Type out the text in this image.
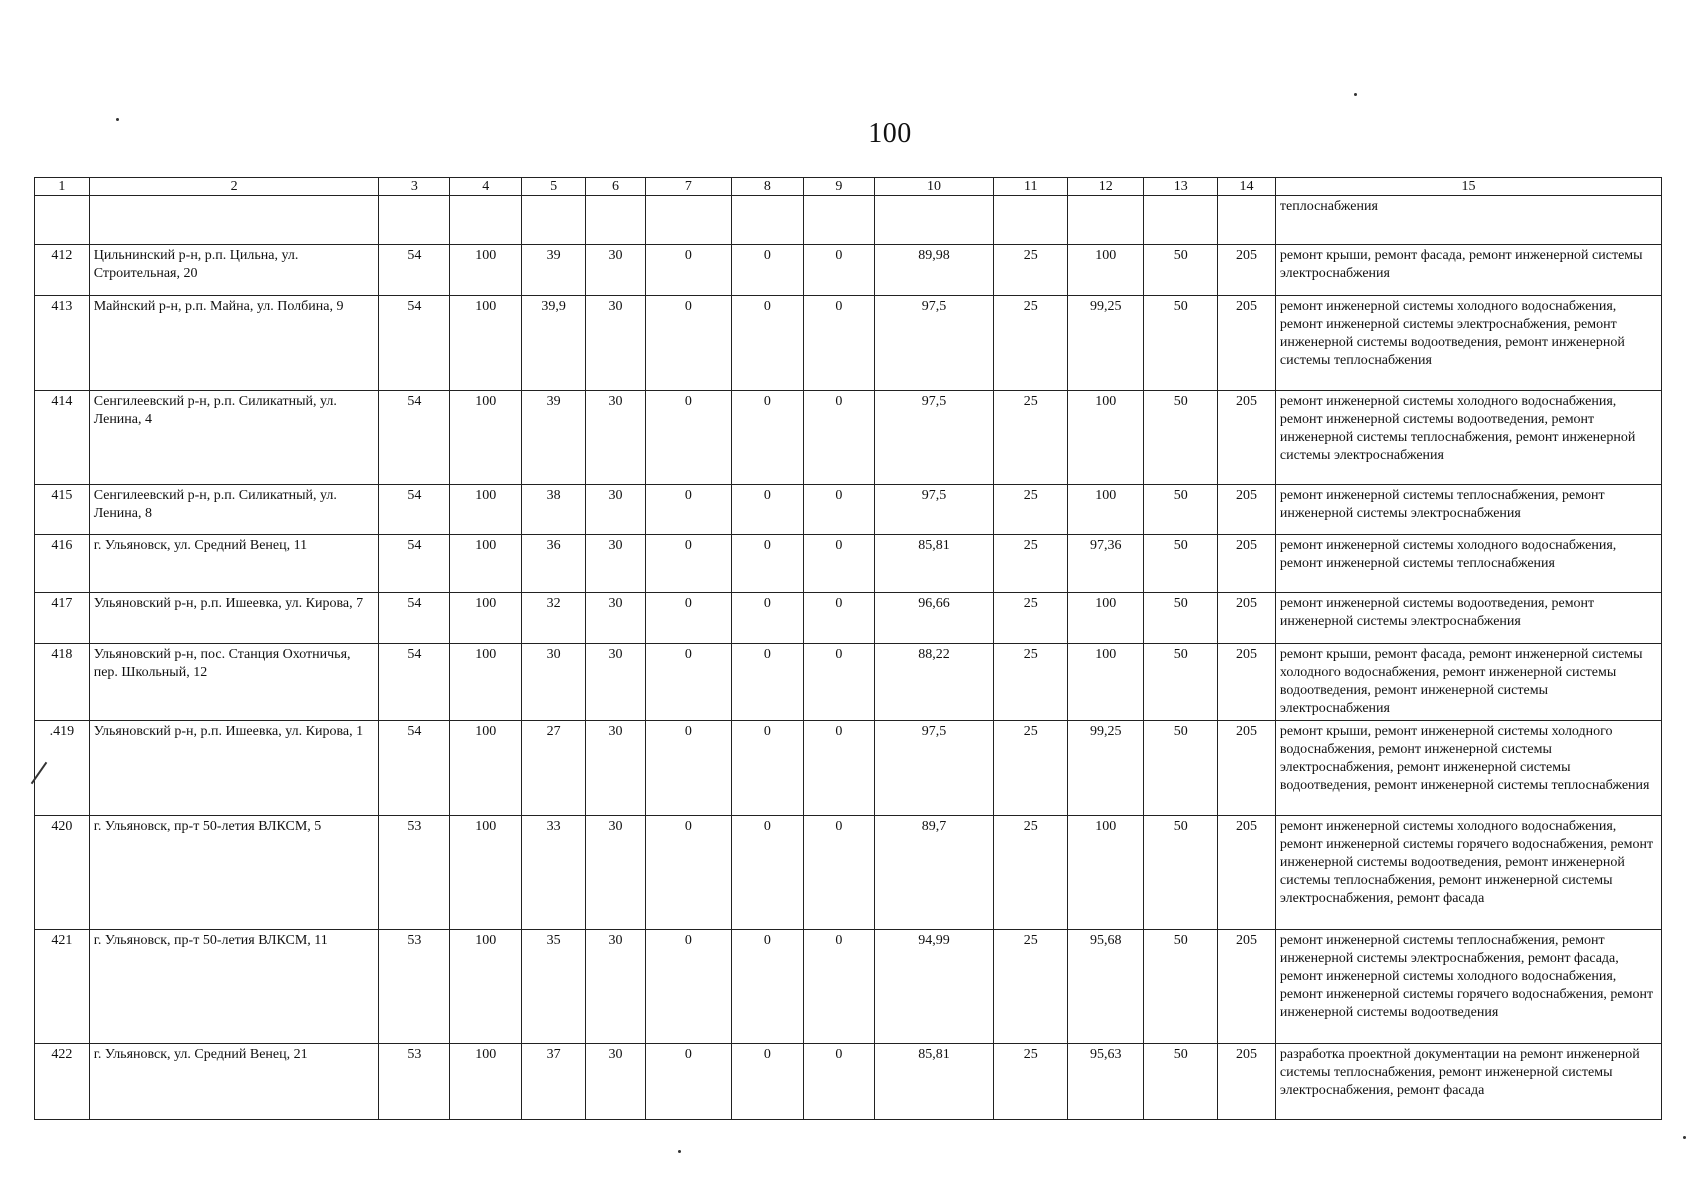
100
1	2	3	4	5	6	7	8	9	10	11	12	13	14	15
														теплоснабжения
412	Цильнинский р-н, р.п. Цильна, ул. Строительная, 20	54	100	39	30	0	0	0	89,98	25	100	50	205	ремонт крыши, ремонт фасада, ремонт инженерной системы электроснабжения
413	Майнский р-н, р.п. Майна, ул. Полбина, 9	54	100	39,9	30	0	0	0	97,5	25	99,25	50	205	ремонт инженерной системы холодного водоснабжения, ремонт инженерной системы электроснабжения, ремонт инженерной системы водоотведения, ремонт инженерной системы теплоснабжения
414	Сенгилеевский р-н, р.п. Силикатный, ул. Ленина, 4	54	100	39	30	0	0	0	97,5	25	100	50	205	ремонт инженерной системы холодного водоснабжения, ремонт инженерной системы водоотведения, ремонт инженерной системы теплоснабжения, ремонт инженерной системы электроснабжения
415	Сенгилеевский р-н, р.п. Силикатный, ул. Ленина, 8	54	100	38	30	0	0	0	97,5	25	100	50	205	ремонт инженерной системы теплоснабжения, ремонт инженерной системы электроснабжения
416	г. Ульяновск, ул. Средний Венец, 11	54	100	36	30	0	0	0	85,81	25	97,36	50	205	ремонт инженерной системы холодного водоснабжения, ремонт инженерной системы теплоснабжения
417	Ульяновский р-н, р.п. Ишеевка, ул. Кирова, 7	54	100	32	30	0	0	0	96,66	25	100	50	205	ремонт инженерной системы водоотведения, ремонт инженерной системы электроснабжения
418	Ульяновский р-н, пос. Станция Охотничья, пер. Школьный, 12	54	100	30	30	0	0	0	88,22	25	100	50	205	ремонт крыши, ремонт фасада, ремонт инженерной системы холодного водоснабжения, ремонт инженерной системы водоотведения, ремонт инженерной системы электроснабжения
.419	Ульяновский р-н, р.п. Ишеевка, ул. Кирова, 1	54	100	27	30	0	0	0	97,5	25	99,25	50	205	ремонт крыши, ремонт инженерной системы холодного водоснабжения, ремонт инженерной системы электроснабжения, ремонт инженерной системы водоотведения, ремонт инженерной системы теплоснабжения
420	г. Ульяновск, пр-т 50-летия ВЛКСМ, 5	53	100	33	30	0	0	0	89,7	25	100	50	205	ремонт инженерной системы холодного водоснабжения, ремонт инженерной системы горячего водоснабжения, ремонт инженерной системы водоотведения, ремонт инженерной системы теплоснабжения, ремонт инженерной системы электроснабжения, ремонт фасада
421	г. Ульяновск, пр-т 50-летия ВЛКСМ, 11	53	100	35	30	0	0	0	94,99	25	95,68	50	205	ремонт инженерной системы теплоснабжения, ремонт инженерной системы электроснабжения, ремонт фасада, ремонт инженерной системы холодного водоснабжения, ремонт инженерной системы горячего водоснабжения, ремонт инженерной системы водоотведения
422	г. Ульяновск, ул. Средний Венец, 21	53	100	37	30	0	0	0	85,81	25	95,63	50	205	разработка проектной документации на ремонт инженерной системы теплоснабжения, ремонт инженерной системы электроснабжения, ремонт фасада
